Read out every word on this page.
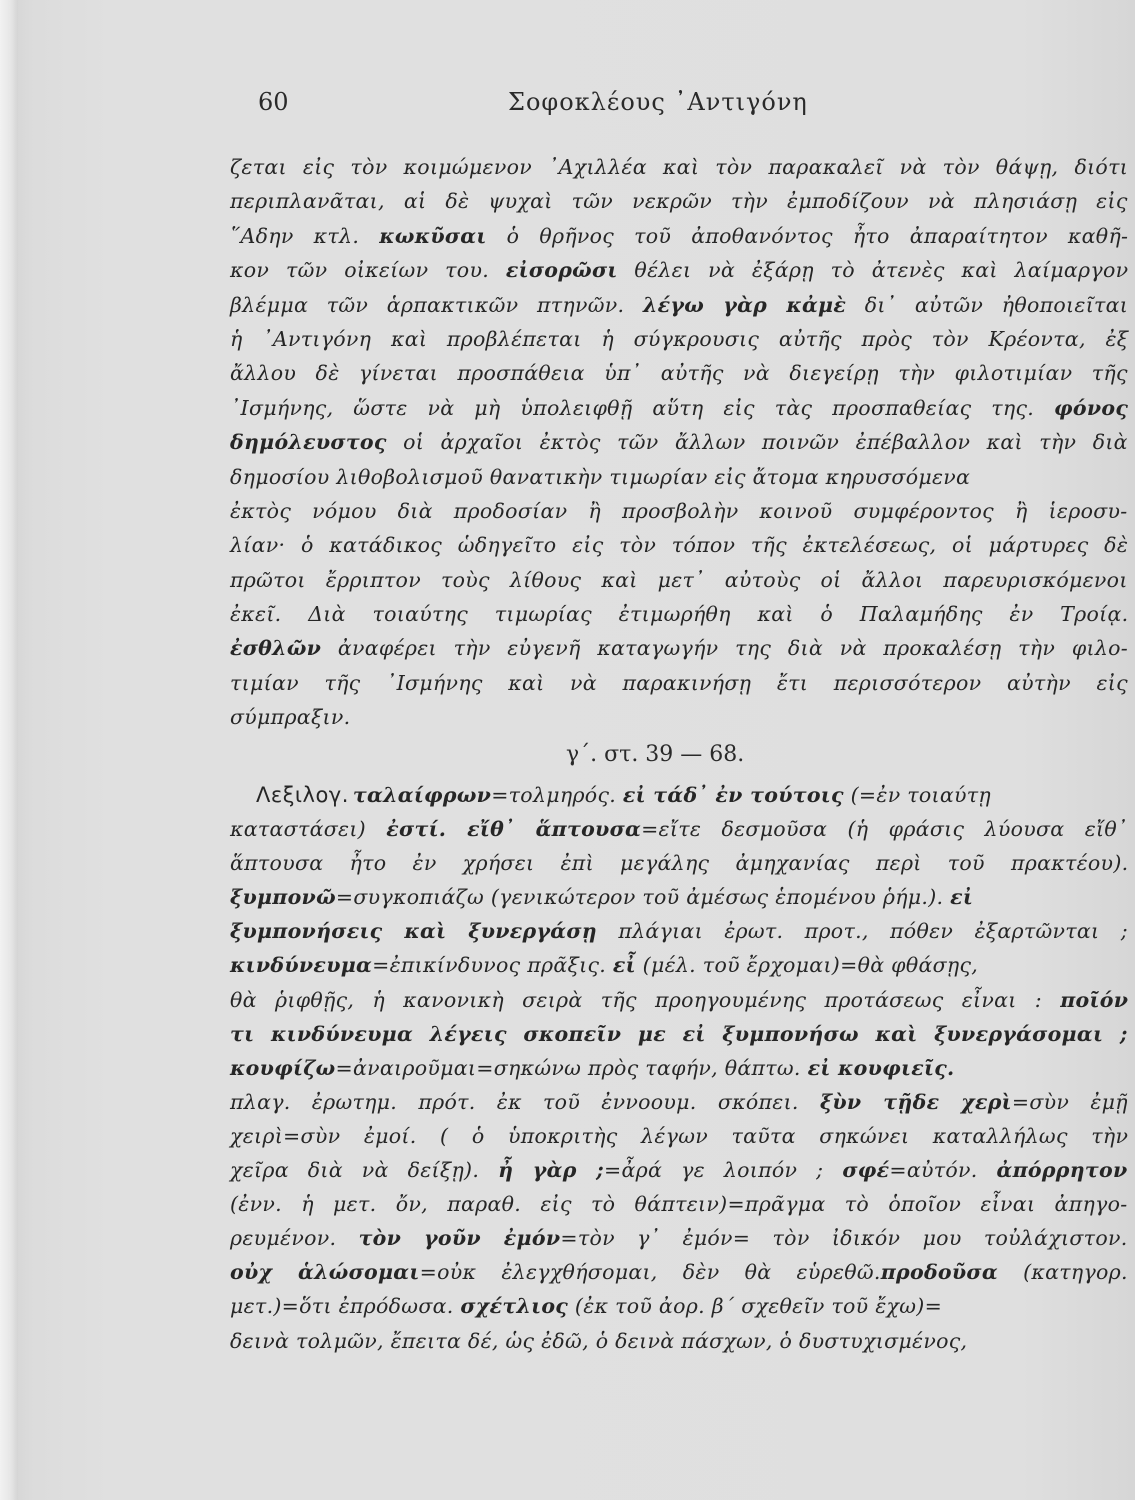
60	Σοφοκλέους ᾿Αντιγόνη
ζεται εἰς τὸν κοιμώμενον ᾿Αχιλλέα καὶ τὸν παρακαλεῖ νὰ τὸν θάψῃ, διότι
περιπλανᾶται, αἱ δὲ ψυχαὶ τῶν νεκρῶν τὴν ἐμποδίζουν νὰ πλησιάσῃ εἰς
῞Αδην κτλ. κωκῦσαι ὁ θρῆνος τοῦ ἀποθανόντος ἦτο ἀπαραίτητον καθῆ-
κον τῶν οἰκείων του. εἰσορῶσι θέλει νὰ ἐξάρῃ τὸ ἀτενὲς καὶ λαίμαργον
βλέμμα τῶν ἁρπακτικῶν πτηνῶν. λέγω γὰρ κἀμὲ δι᾿ αὐτῶν ἠθοποιεῖται
ἡ ᾿Αντιγόνη καὶ προβλέπεται ἡ σύγκρουσις αὐτῆς πρὸς τὸν Κρέοντα, ἐξ
ἄλλου δὲ γίνεται προσπάθεια ὑπ᾿ αὐτῆς νὰ διεγείρῃ τὴν φιλοτιμίαν τῆς
᾿Ισμήνης, ὥστε νὰ μὴ ὑπολειφθῇ αὕτη εἰς τὰς προσπαθείας της. φόνος
δημόλευστος οἱ ἀρχαῖοι ἐκτὸς τῶν ἄλλων ποινῶν ἐπέβαλλον καὶ τὴν διὰ
δημοσίου λιθοβολισμοῦ θανατικὴν τιμωρίαν εἰς ἄτομα κηρυσσόμενα
ἐκτὸς νόμου διὰ προδοσίαν ἢ προσβολὴν κοινοῦ συμφέροντος ἢ ἱεροσυ-
λίαν· ὁ κατάδικος ὡδηγεῖτο εἰς τὸν τόπον τῆς ἐκτελέσεως, οἱ μάρτυρες δὲ
πρῶτοι ἔρριπτον τοὺς λίθους καὶ μετ᾿ αὐτοὺς οἱ ἄλλοι παρευρισκόμενοι
ἐκεῖ. Διὰ τοιαύτης τιμωρίας ἐτιμωρήθη καὶ ὁ Παλαμήδης ἐν Τροίᾳ.
ἐσθλῶν ἀναφέρει τὴν εὐγενῆ καταγωγήν της διὰ νὰ προκαλέσῃ τὴν φιλο-
τιμίαν τῆς ᾿Ισμήνης καὶ νὰ παρακινήσῃ ἔτι περισσότερον αὐτὴν εἰς
σύμπραξιν.
γ΄. στ. 39 — 68.
Λεξιλογ. ταλαίφρων=τολμηρός. εἰ τάδ᾿ ἐν τούτοις (=ἐν τοιαύτῃ
καταστάσει) ἐστί. εἴθ᾿ ἅπτουσα=εἴτε δεσμοῦσα (ἡ φράσις λύουσα εἴθ᾿
ἅπτουσα ἦτο ἐν χρήσει ἐπὶ μεγάλης ἀμηχανίας περὶ τοῦ πρακτέου).
ξυμπονῶ=συγκοπιάζω (γενικώτερον τοῦ ἀμέσως ἑπομένου ῥήμ.). εἰ
ξυμπονήσεις καὶ ξυνεργάσῃ πλάγιαι ἐρωτ. προτ., πόθεν ἐξαρτῶνται ;
κινδύνευμα=ἐπικίνδυνος πρᾶξις. εἶ (μέλ. τοῦ ἔρχομαι)=θὰ φθάσῃς,
θὰ ῥιφθῇς, ἡ κανονικὴ σειρὰ τῆς προηγουμένης προτάσεως εἶναι : ποῖόν
τι κινδύνευμα λέγεις σκοπεῖν με εἰ ξυμπονήσω καὶ ξυνεργάσομαι ;
κουφίζω=ἀναιροῦμαι=σηκώνω πρὸς ταφήν, θάπτω. εἰ κουφιεῖς.
πλαγ. ἐρωτημ. πρότ. ἐκ τοῦ ἐννοουμ. σκόπει. ξὺν τῇδε χερὶ=σὺν ἐμῇ
χειρὶ=σὺν ἐμοί. ( ὁ ὑποκριτὴς λέγων ταῦτα σηκώνει καταλλήλως τὴν
χεῖρα διὰ νὰ δείξῃ). ἦ γὰρ ;=ἆρά γε λοιπόν ; σφέ=αὐτόν. ἀπόρρητον
(ἐνν. ἡ μετ. ὄν, παραθ. εἰς τὸ θάπτειν)=πρᾶγμα τὸ ὁποῖον εἶναι ἀπηγο-
ρευμένον. τὸν γοῦν ἐμόν=τὸν γ᾿ ἐμόν= τὸν ἰδικόν μου τοὐλάχιστον.
οὐχ ἁλώσομαι=οὐκ ἐλεγχθήσομαι, δὲν θὰ εὑρεθῶ.προδοῦσα (κατηγορ.
μετ.)=ὅτι ἐπρόδωσα. σχέτλιος (ἐκ τοῦ ἀορ. β΄ σχεθεῖν τοῦ ἔχω)=
δεινὰ τολμῶν, ἔπειτα δέ, ὡς ἐδῶ, ὁ δεινὰ πάσχων, ὁ δυστυχισμένος,
